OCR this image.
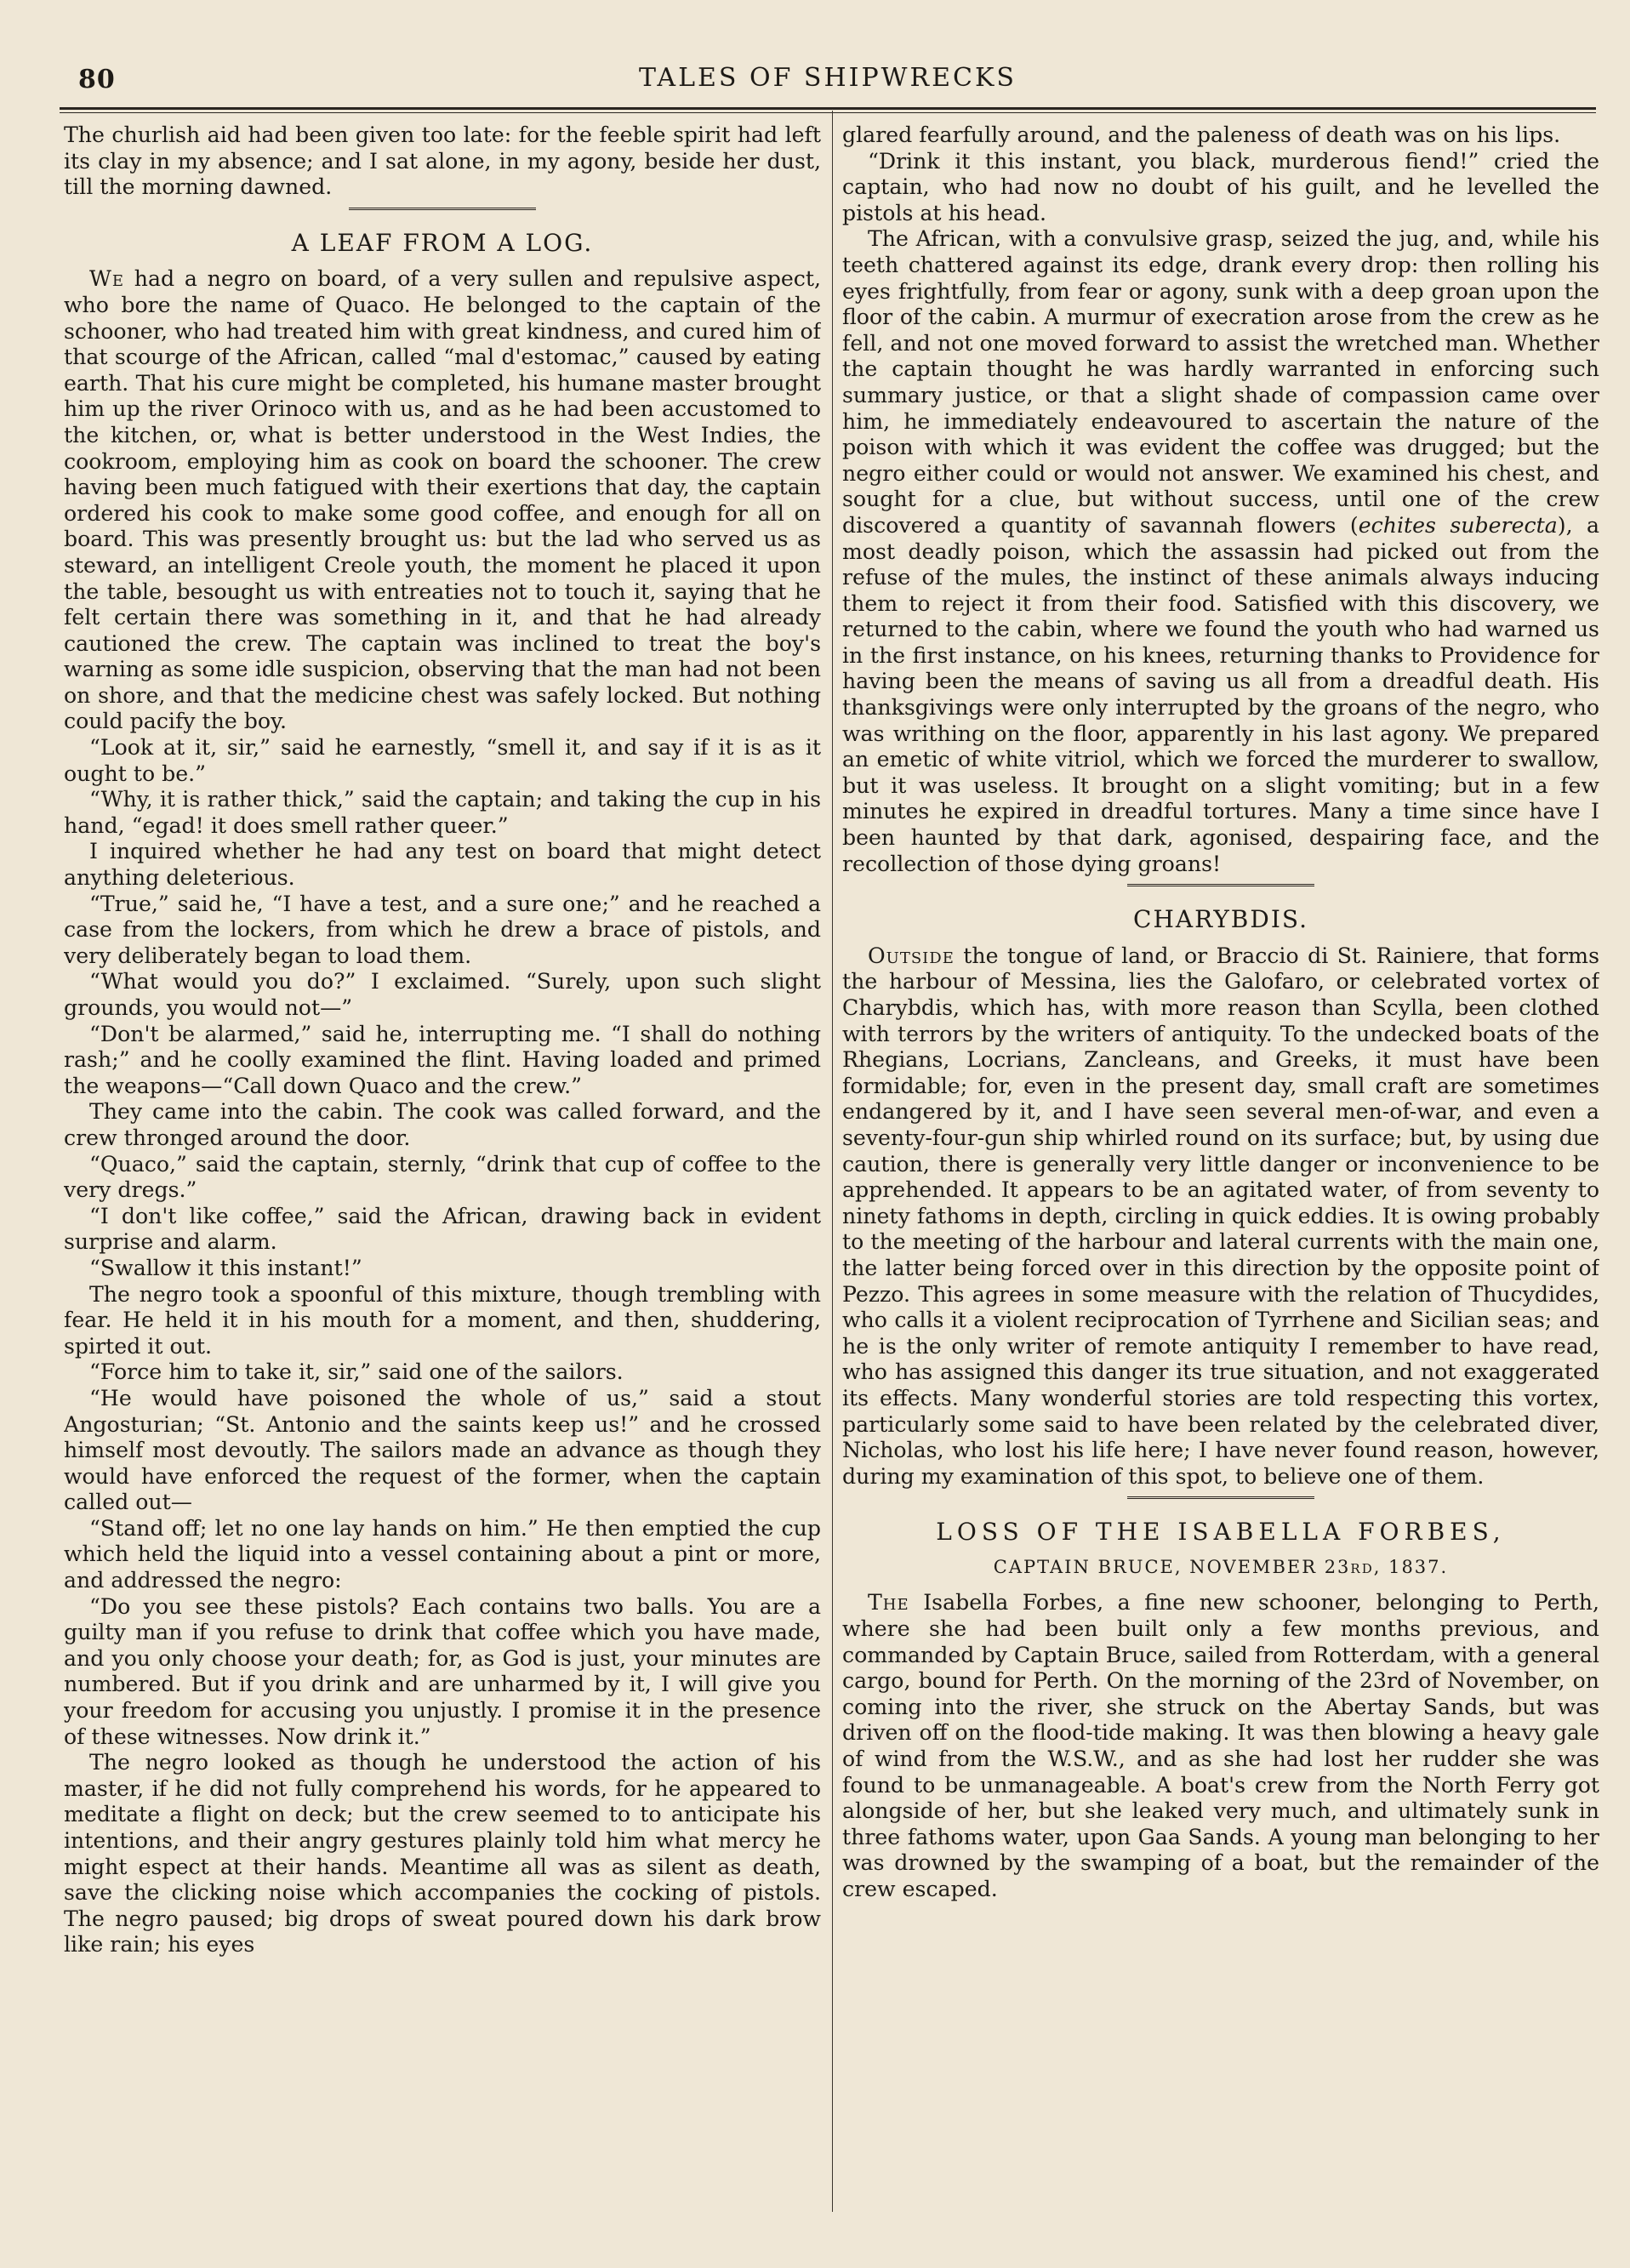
80	TALES OF SHIPWRECKS

The churlish aid had been given too late: for the feeble spirit had left its clay in my absence; and I sat alone, in my agony, beside her dust, till the morning dawned.

A LEAF FROM A LOG.

We had a negro on board, of a very sullen and repulsive aspect, who bore the name of Quaco. He belonged to the captain of the schooner, who had treated him with great kindness, and cured him of that scourge of the African, called “mal d'estomac,” caused by eating earth. That his cure might be completed, his humane master brought him up the river Orinoco with us, and as he had been accustomed to the kitchen, or, what is better understood in the West Indies, the cookroom, employing him as cook on board the schooner. The crew having been much fatigued with their exertions that day, the captain ordered his cook to make some good coffee, and enough for all on board. This was presently brought us: but the lad who served us as steward, an intelligent Creole youth, the moment he placed it upon the table, besought us with entreaties not to touch it, saying that he felt certain there was something in it, and that he had already cautioned the crew. The captain was inclined to treat the boy's warning as some idle suspicion, observing that the man had not been on shore, and that the medicine chest was safely locked. But nothing could pacify the boy.

“Look at it, sir,” said he earnestly, “smell it, and say if it is as it ought to be.”

“Why, it is rather thick,” said the captain; and taking the cup in his hand, “egad! it does smell rather queer.”

I inquired whether he had any test on board that might detect anything deleterious.

“True,” said he, “I have a test, and a sure one;” and he reached a case from the lockers, from which he drew a brace of pistols, and very deliberately began to load them.

“What would you do?” I exclaimed. “Surely, upon such slight grounds, you would not—”

“Don't be alarmed,” said he, interrupting me. “I shall do nothing rash;” and he coolly examined the flint. Having loaded and primed the weapons—“Call down Quaco and the crew.”

They came into the cabin. The cook was called forward, and the crew thronged around the door.

“Quaco,” said the captain, sternly, “drink that cup of coffee to the very dregs.”

“I don't like coffee,” said the African, drawing back in evident surprise and alarm.

“Swallow it this instant!”

The negro took a spoonful of this mixture, though trembling with fear. He held it in his mouth for a moment, and then, shuddering, spirted it out.

“Force him to take it, sir,” said one of the sailors.

“He would have poisoned the whole of us,” said a stout Angosturian; “St. Antonio and the saints keep us!” and he crossed himself most devoutly. The sailors made an advance as though they would have enforced the request of the former, when the captain called out—

“Stand off; let no one lay hands on him.” He then emptied the cup which held the liquid into a vessel containing about a pint or more, and addressed the negro:

“Do you see these pistols? Each contains two balls. You are a guilty man if you refuse to drink that coffee which you have made, and you only choose your death; for, as God is just, your minutes are numbered. But if you drink and are unharmed by it, I will give you your freedom for accusing you unjustly. I promise it in the presence of these witnesses. Now drink it.”

The negro looked as though he understood the action of his master, if he did not fully comprehend his words, for he appeared to meditate a flight on deck; but the crew seemed to to anticipate his intentions, and their angry gestures plainly told him what mercy he might espect at their hands. Meantime all was as silent as death, save the clicking noise which accompanies the cocking of pistols. The negro paused; big drops of sweat poured down his dark brow like rain; his eyes

glared fearfully around, and the paleness of death was on his lips.

“Drink it this instant, you black, murderous fiend!” cried the captain, who had now no doubt of his guilt, and he levelled the pistols at his head.

The African, with a convulsive grasp, seized the jug, and, while his teeth chattered against its edge, drank every drop: then rolling his eyes frightfully, from fear or agony, sunk with a deep groan upon the floor of the cabin. A murmur of execration arose from the crew as he fell, and not one moved forward to assist the wretched man. Whether the captain thought he was hardly warranted in enforcing such summary justice, or that a slight shade of compassion came over him, he immediately endeavoured to ascertain the nature of the poison with which it was evident the coffee was drugged; but the negro either could or would not answer. We examined his chest, and sought for a clue, but without success, until one of the crew discovered a quantity of savannah flowers (echites suberecta), a most deadly poison, which the assassin had picked out from the refuse of the mules, the instinct of these animals always inducing them to reject it from their food. Satisfied with this discovery, we returned to the cabin, where we found the youth who had warned us in the first instance, on his knees, returning thanks to Providence for having been the means of saving us all from a dreadful death. His thanksgivings were only interrupted by the groans of the negro, who was writhing on the floor, apparently in his last agony. We prepared an emetic of white vitriol, which we forced the murderer to swallow, but it was useless. It brought on a slight vomiting; but in a few minutes he expired in dreadful tortures. Many a time since have I been haunted by that dark, agonised, despairing face, and the recollection of those dying groans!

CHARYBDIS.

Outside the tongue of land, or Braccio di St. Rainiere, that forms the harbour of Messina, lies the Galofaro, or celebrated vortex of Charybdis, which has, with more reason than Scylla, been clothed with terrors by the writers of antiquity. To the undecked boats of the Rhegians, Locrians, Zancleans, and Greeks, it must have been formidable; for, even in the present day, small craft are sometimes endangered by it, and I have seen several men-of-war, and even a seventy-four-gun ship whirled round on its surface; but, by using due caution, there is generally very little danger or inconvenience to be apprehended. It appears to be an agitated water, of from seventy to ninety fathoms in depth, circling in quick eddies. It is owing probably to the meeting of the harbour and lateral currents with the main one, the latter being forced over in this direction by the opposite point of Pezzo. This agrees in some measure with the relation of Thucydides, who calls it a violent reciprocation of Tyrrhene and Sicilian seas; and he is the only writer of remote antiquity I remember to have read, who has assigned this danger its true situation, and not exaggerated its effects. Many wonderful stories are told respecting this vortex, particularly some said to have been related by the celebrated diver, Nicholas, who lost his life here; I have never found reason, however, during my examination of this spot, to believe one of them.

LOSS OF THE ISABELLA FORBES,
CAPTAIN BRUCE, NOVEMBER 23rd, 1837.

The Isabella Forbes, a fine new schooner, belonging to Perth, where she had been built only a few months previous, and commanded by Captain Bruce, sailed from Rotterdam, with a general cargo, bound for Perth. On the morning of the 23rd of November, on coming into the river, she struck on the Abertay Sands, but was driven off on the flood-tide making. It was then blowing a heavy gale of wind from the W.S.W., and as she had lost her rudder she was found to be unmanageable. A boat's crew from the North Ferry got alongside of her, but she leaked very much, and ultimately sunk in three fathoms water, upon Gaa Sands. A young man belonging to her was drowned by the swamping of a boat, but the remainder of the crew escaped.
